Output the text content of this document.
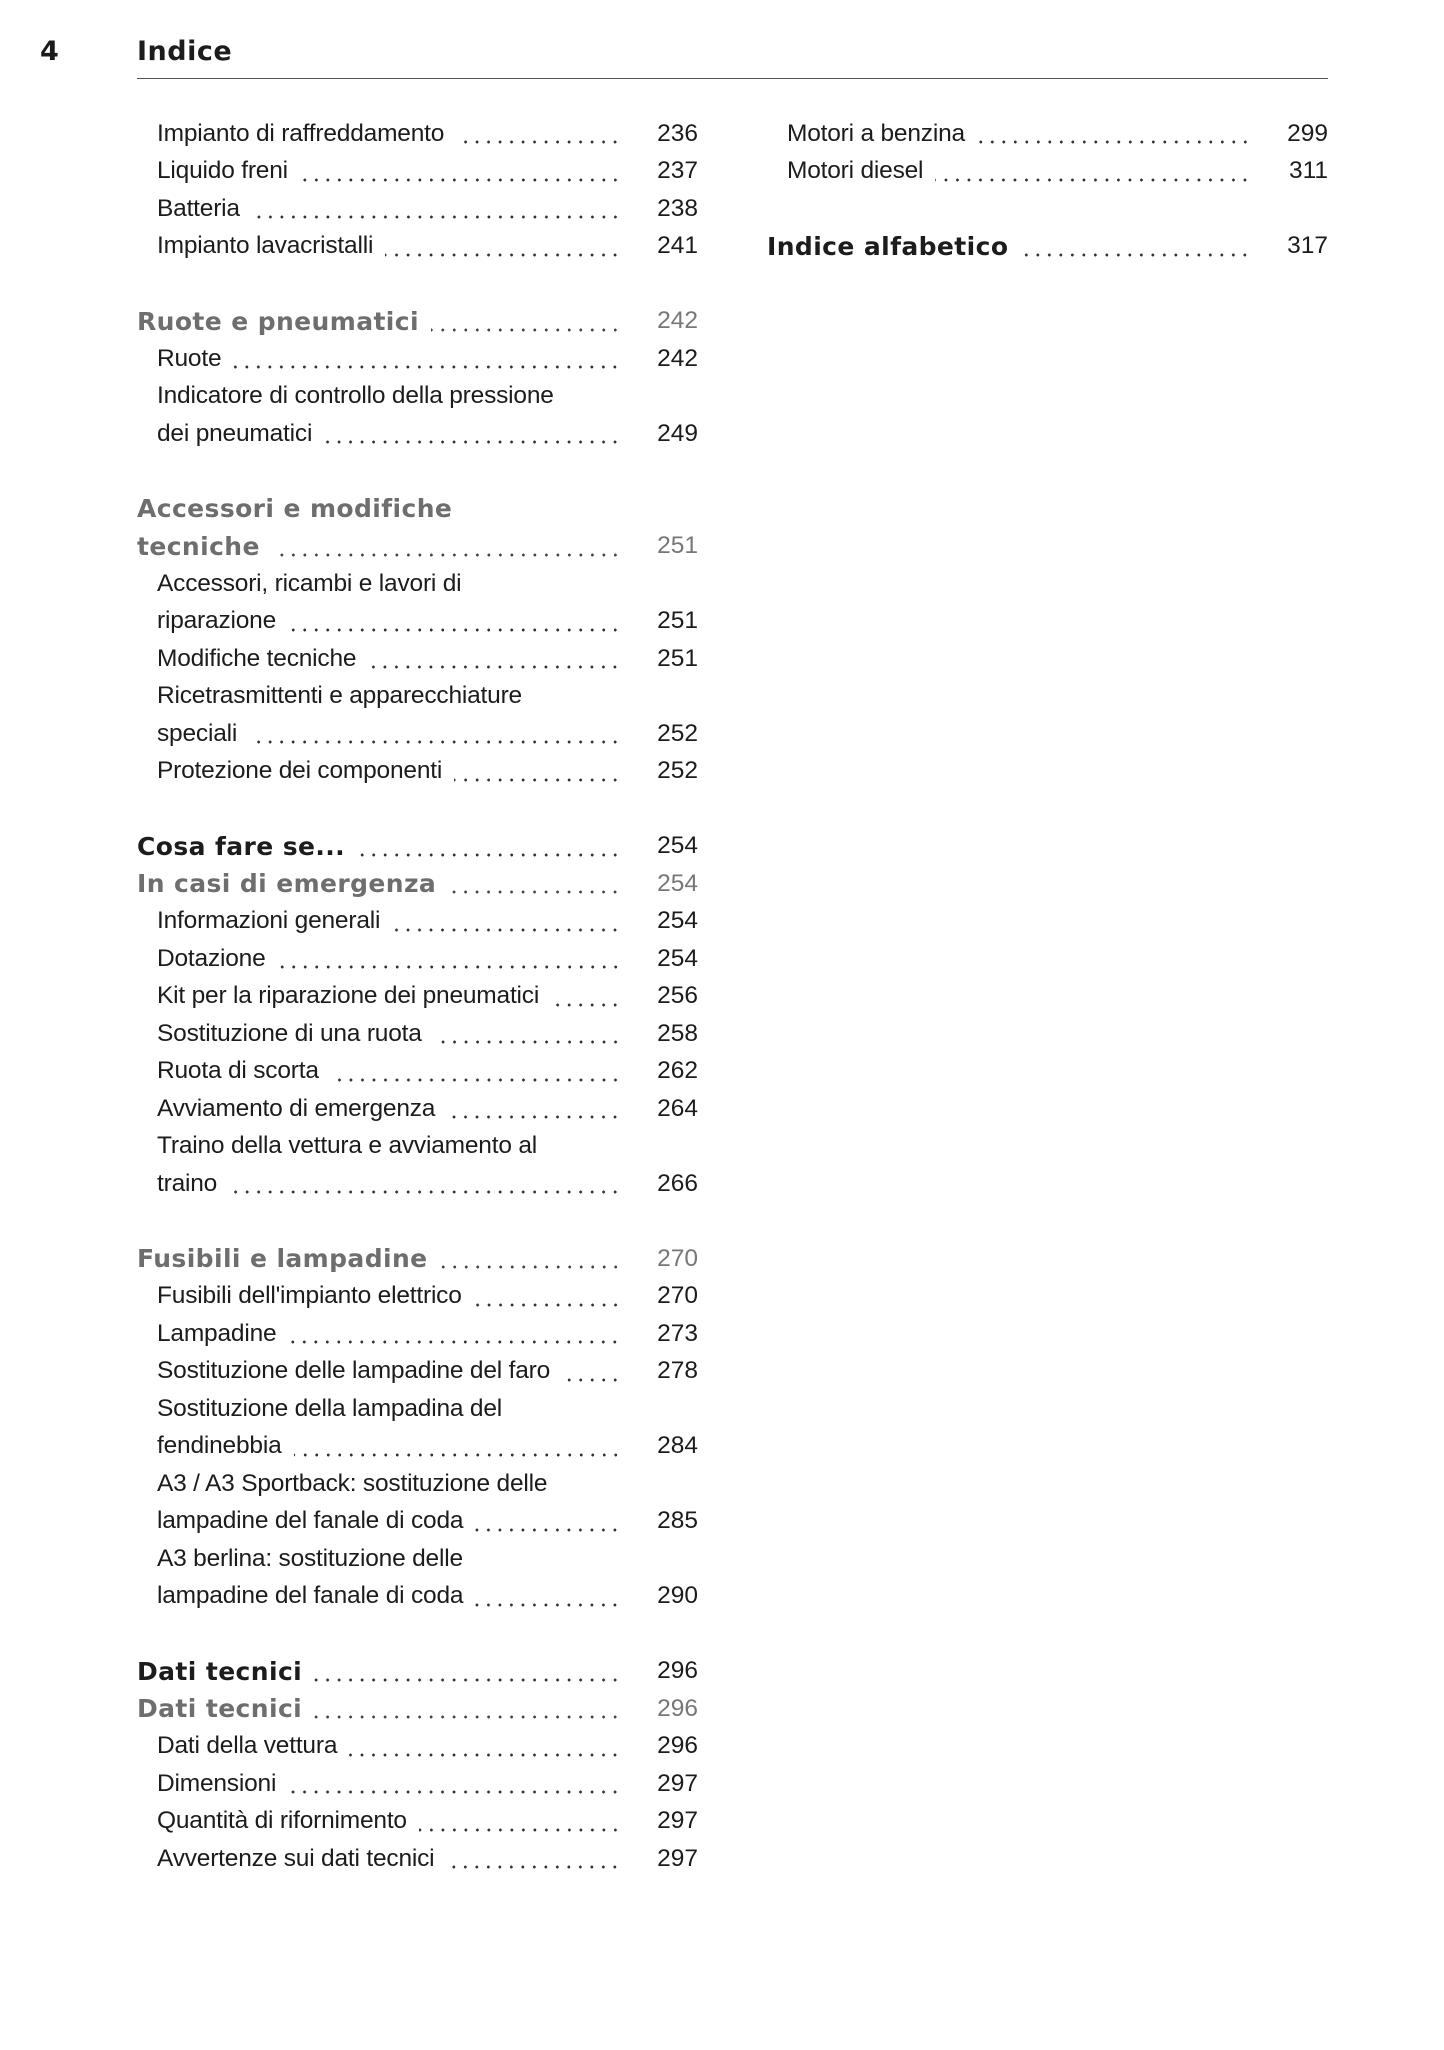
4	Indice
Impianto di raffreddamento	236
Liquido freni	237
Batteria	238
Impianto lavacristalli	241
Ruote e pneumatici	242
Ruote	242
Indicatore di controllo della pressione
dei pneumatici	249
Accessori e modifiche
tecniche	251
Accessori, ricambi e lavori di
riparazione	251
Modifiche tecniche	251
Ricetrasmittenti e apparecchiature
speciali	252
Protezione dei componenti	252
Cosa fare se...	254
In casi di emergenza	254
Informazioni generali	254
Dotazione	254
Kit per la riparazione dei pneumatici	256
Sostituzione di una ruota	258
Ruota di scorta	262
Avviamento di emergenza	264
Traino della vettura e avviamento al
traino	266
Fusibili e lampadine	270
Fusibili dell'impianto elettrico	270
Lampadine	273
Sostituzione delle lampadine del faro	278
Sostituzione della lampadina del
fendinebbia	284
A3 / A3 Sportback: sostituzione delle
lampadine del fanale di coda	285
A3 berlina: sostituzione delle
lampadine del fanale di coda	290
Dati tecnici	296
Dati tecnici	296
Dati della vettura	296
Dimensioni	297
Quantità di rifornimento	297
Avvertenze sui dati tecnici	297
Motori a benzina	299
Motori diesel	311
Indice alfabetico	317
